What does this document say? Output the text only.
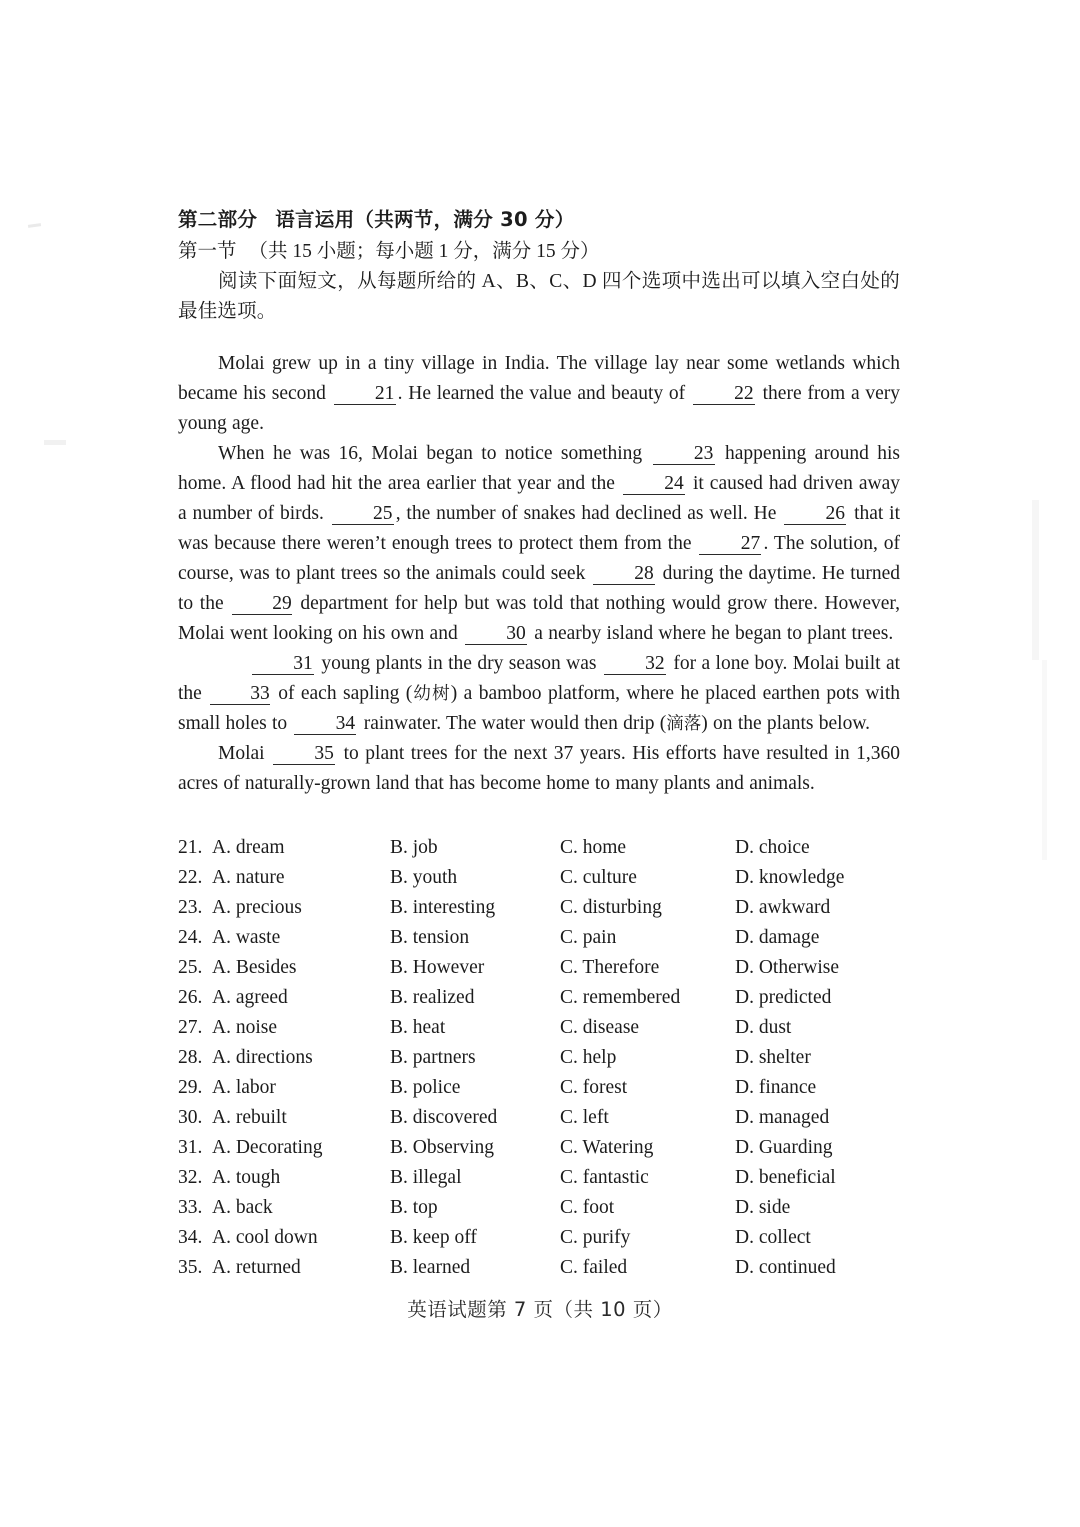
第二部分 语言运用（共两节，满分 30 分）

第一节 （共 15 小题；每小题 1 分，满分 15 分）

阅读下面短文，从每题所给的 A、B、C、D 四个选项中选出可以填入空白处的最佳选项。

Molai grew up in a tiny village in India. The village lay near some wetlands which became his second	21 . He learned the value and beauty of	22 there from a very young age.

When he was 16, Molai began to notice something	23 happening around his home. A flood had hit the area earlier that year and the	24 it caused had driven away a number of birds.	25 , the number of snakes had declined as well. He	26 that it was because there weren’t enough trees to protect them from the	27 . The solution, of course, was to plant trees so the animals could seek	28 during the daytime. He turned to the 29 department for help but was told that nothing would grow there. However, Molai went looking on his own and 30 a nearby island where he began to plant trees.

31 young plants in the dry season was 32 for a lone boy. Molai built at the 33 of each sapling (幼树) a bamboo platform, where he placed earthen pots with small holes to 34 rainwater. The water would then drip (滴落) on the plants below.

Molai	35 to plant trees for the next 37 years. His efforts have resulted in 1,360 acres of naturally-grown land that has become home to many plants and animals.

21. A. dream	B. job	C. home	D. choice
22. A. nature	B. youth	C. culture	D. knowledge
23. A. precious	B. interesting	C. disturbing	D. awkward
24. A. waste	B. tension	C. pain	D. damage
25. A. Besides	B. However	C. Therefore	D. Otherwise
26. A. agreed	B. realized	C. remembered	D. predicted
27. A. noise	B. heat	C. disease	D. dust
28. A. directions	B. partners	C. help	D. shelter
29. A. labor	B. police	C. forest	D. finance
30. A. rebuilt	B. discovered	C. left	D. managed
31. A. Decorating	B. Observing	C. Watering	D. Guarding
32. A. tough	B. illegal	C. fantastic	D. beneficial
33. A. back	B. top	C. foot	D. side
34. A. cool down	B. keep off	C. purify	D. collect
35. A. returned	B. learned	C. failed	D. continued
英语试题第 7 页（共 10 页）
